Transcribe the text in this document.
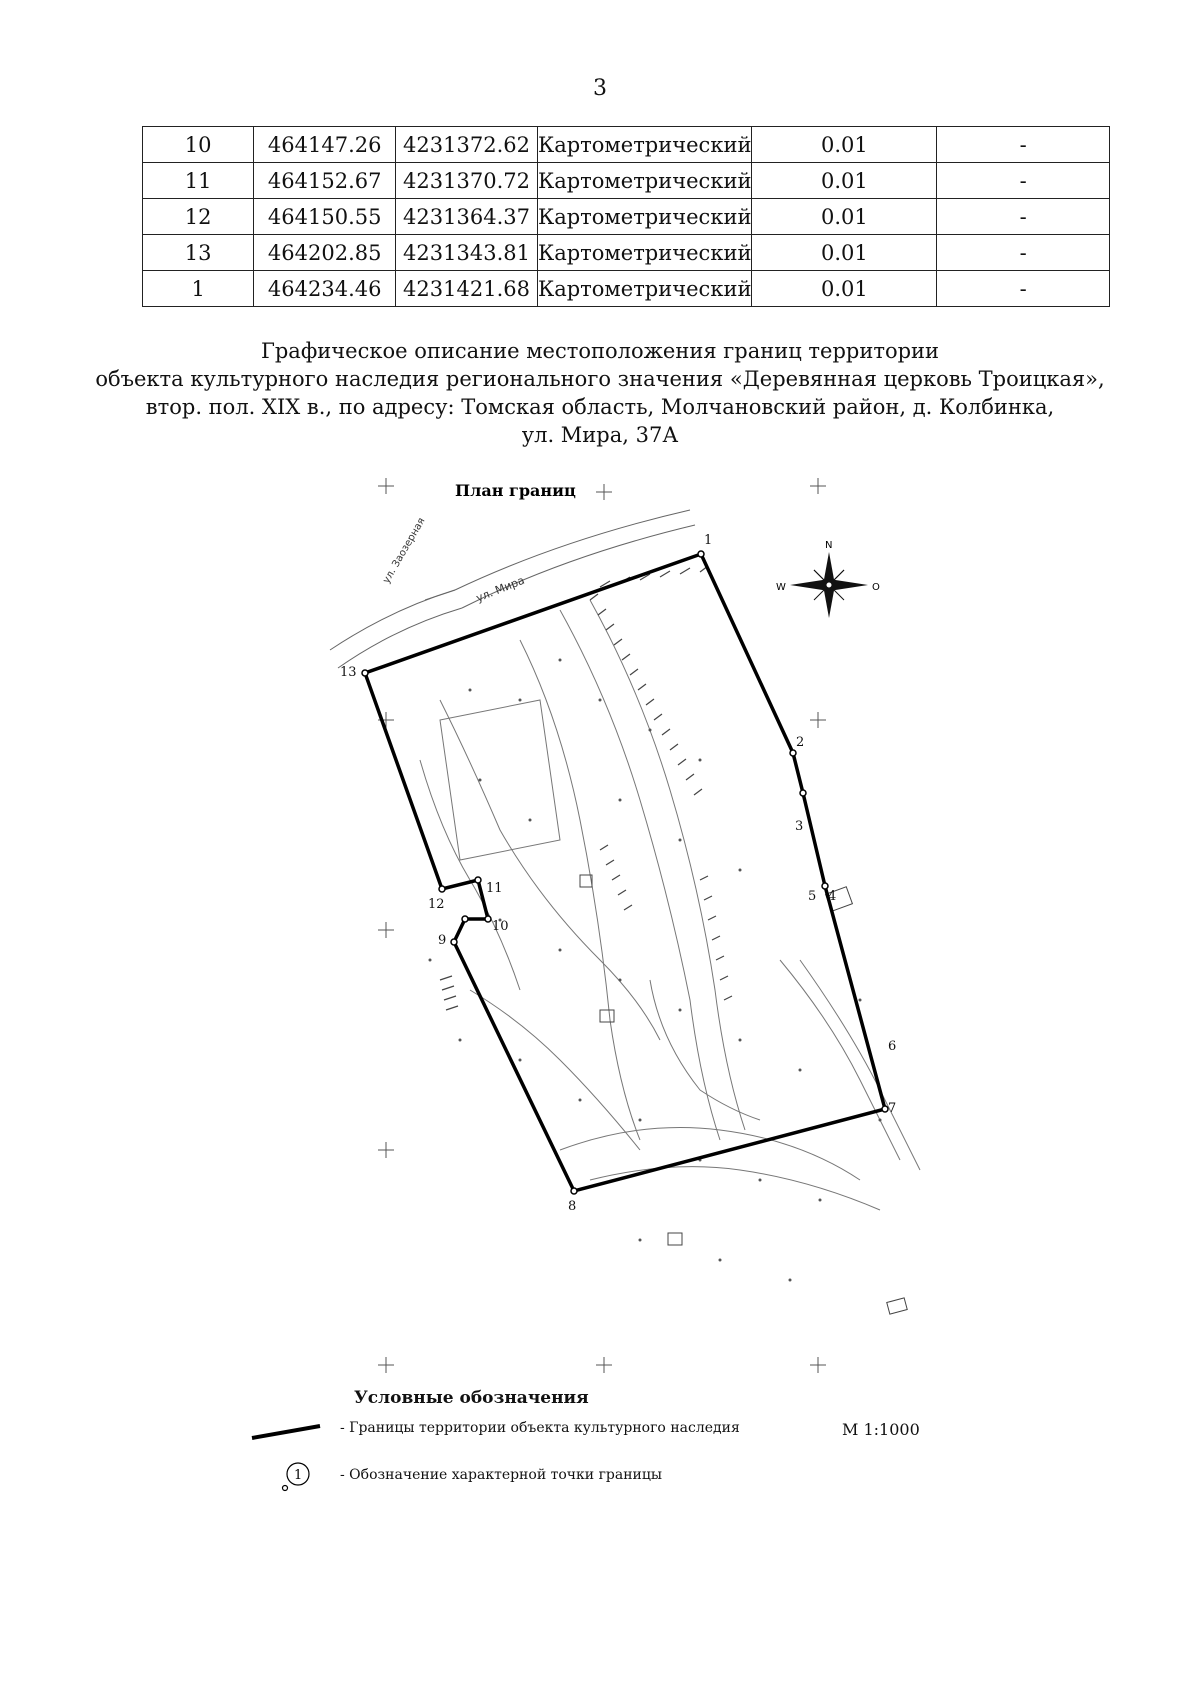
3
10	464147.26	4231372.62	Картометрический	0.01	-
11	464152.67	4231370.72	Картометрический	0.01	-
12	464150.55	4231364.37	Картометрический	0.01	-
13	464202.85	4231343.81	Картометрический	0.01	-
1	464234.46	4231421.68	Картометрический	0.01	-
Графическое описание местоположения границ территории
объекта культурного наследия регионального значения «Деревянная церковь Троицкая»,
втор. пол. XIX в., по адресу: Томская область, Молчановский район, д. Колбинка,
ул. Мира, 37А
План границ
ул. Мира
ул. Заозерная	1
2
3
4
5
6
7
8
9
10
11
12
13
N
W	O
1
Условные обозначения
- Границы территории объекта культурного наследия
- Обозначение характерной точки границы
М 1:1000
